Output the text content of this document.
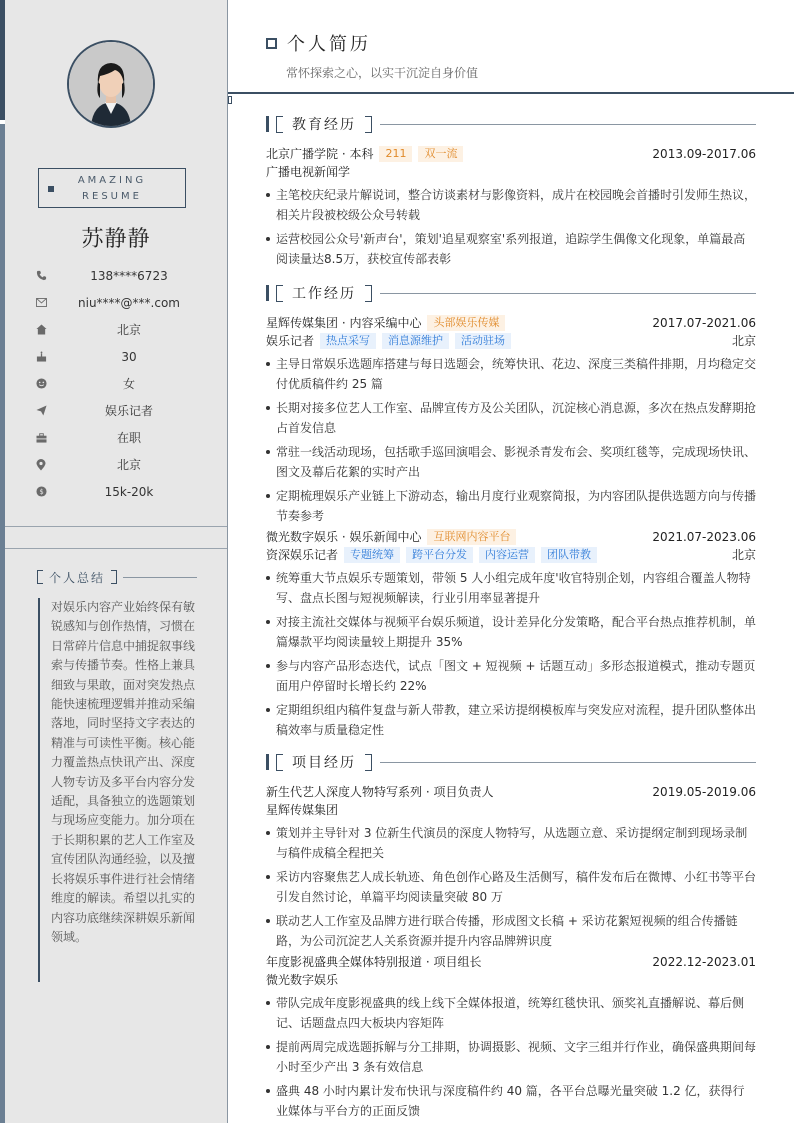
AMAZING
RESUME
苏静静
138****6723
niu****@***.com
北京
30
女
娱乐记者
在职
北京
$	15k-20k
个人总结
对娱乐内容产业始终保有敏锐感知与创作热情，习惯在日常碎片信息中捕捉叙事线索与传播节奏。性格上兼具细致与果敢，面对突发热点能快速梳理逻辑并推动采编落地，同时坚持文字表达的精准与可读性平衡。核心能力覆盖热点快讯产出、深度人物专访及多平台内容分发适配，具备独立的选题策划与现场应变能力。加分项在于长期积累的艺人工作室及宣传团队沟通经验，以及擅长将娱乐事件进行社会情绪维度的解读。希望以扎实的内容功底继续深耕娱乐新闻领域。
个人简历
常怀探索之心，以实干沉淀自身价值
教育经历
北京广播学院 · 本科	211	双一流	2013.09-2017.06
广播电视新闻学
主笔校庆纪录片解说词，整合访谈素材与影像资料，成片在校园晚会首播时引发师生热议，相关片段被校级公众号转载
运营校园公众号'新声台'，策划'追星观察室'系列报道，追踪学生偶像文化现象，单篇最高阅读量达8.5万，获校宣传部表彰
工作经历
星辉传媒集团 · 内容采编中心	头部娱乐传媒	2017.07-2021.06
娱乐记者	热点采写	消息源维护	活动驻场	北京
主导日常娱乐选题库搭建与每日选题会，统筹快讯、花边、深度三类稿件排期，月均稳定交付优质稿件约 25 篇
长期对接多位艺人工作室、品牌宣传方及公关团队，沉淀核心消息源，多次在热点发酵期抢占首发信息
常驻一线活动现场，包括歌手巡回演唱会、影视杀青发布会、奖项红毯等，完成现场快讯、图文及幕后花絮的实时产出
定期梳理娱乐产业链上下游动态，输出月度行业观察简报，为内容团队提供选题方向与传播节奏参考
微光数字娱乐 · 娱乐新闻中心	互联网内容平台	2021.07-2023.06
资深娱乐记者	专题统筹	跨平台分发	内容运营	团队带教	北京
统筹重大节点娱乐专题策划，带领 5 人小组完成年度'收官特别企划，内容组合覆盖人物特写、盘点长图与短视频解读，行业引用率显著提升
对接主流社交媒体与视频平台娱乐频道，设计差异化分发策略，配合平台热点推荐机制，单篇爆款平均阅读量较上期提升 35%
参与内容产品形态迭代，试点「图文 + 短视频 + 话题互动」多形态报道模式，推动专题页面用户停留时长增长约 22%
定期组织组内稿件复盘与新人带教，建立采访提纲模板库与突发应对流程，提升团队整体出稿效率与质量稳定性
项目经历
新生代艺人深度人物特写系列 · 项目负责人	2019.05-2019.06
星辉传媒集团
策划并主导针对 3 位新生代演员的深度人物特写，从选题立意、采访提纲定制到现场录制与稿件成稿全程把关
采访内容聚焦艺人成长轨迹、角色创作心路及生活侧写，稿件发布后在微博、小红书等平台引发自然讨论，单篇平均阅读量突破 80 万
联动艺人工作室及品牌方进行联合传播，形成图文长稿 + 采访花絮短视频的组合传播链路，为公司沉淀艺人关系资源并提升内容品牌辨识度
年度影视盛典全媒体特别报道 · 项目组长	2022.12-2023.01
微光数字娱乐
带队完成年度影视盛典的线上线下全媒体报道，统筹红毯快讯、颁奖礼直播解说、幕后侧记、话题盘点四大板块内容矩阵
提前两周完成选题拆解与分工排期，协调摄影、视频、文字三组并行作业，确保盛典期间每小时至少产出 3 条有效信息
盛典 48 小时内累计发布快讯与深度稿件约 40 篇，各平台总曝光量突破 1.2 亿，获得行业媒体与平台方的正面反馈
